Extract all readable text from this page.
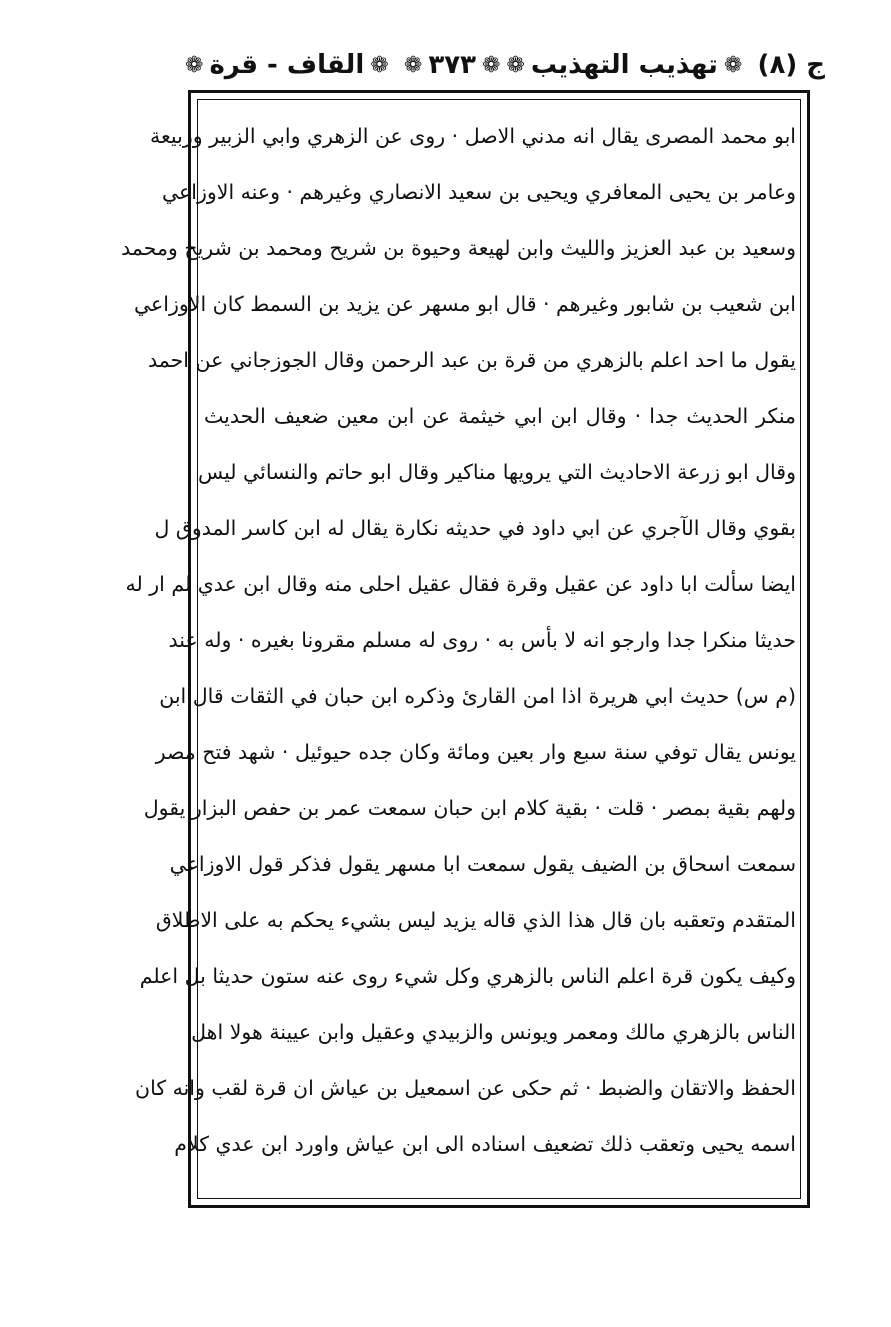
ج (٨)
❁
تهذيب التهذيب
❁
❁
٣٧٣
❁
❁
القاف - قرة
❁
ابو محمد المصرى يقال انه مدني الاصل · روى عن الزهري وابي الزبير وربيعة
وعامر بن يحيى المعافري ويحيى بن سعيد الانصاري وغيرهم · وعنه الاوزاعي
وسعيد بن عبد العزيز والليث وابن لهيعة وحيوة بن شريح ومحمد بن شريح ومحمد
ابن شعيب بن شابور وغيرهم · قال ابو مسهر عن يزيد بن السمط كان الاوزاعي
يقول ما احد اعلم بالزهري من قرة بن عبد الرحمن وقال الجوزجاني عن احمد
منكر الحديث جدا · وقال ابن ابي خيثمة عن ابن معين ضعيف الحديث
وقال ابو زرعة الاحاديث التي يرويها مناكير وقال ابو حاتم والنسائي ليس
بقوي وقال الآجري عن ابي داود في حديثه نكارة يقال له ابن كاسر المدوق ل
ايضا سألت ابا داود عن عقيل وقرة فقال عقيل احلى منه وقال ابن عدي لم ار له
حديثا منكرا جدا وارجو انه لا بأس به · روى له مسلم مقرونا بغيره · وله عند
(م س) حديث ابي هريرة اذا امن القارئ وذكره ابن حبان في الثقات قال ابن
يونس يقال توفي سنة سبع وار بعين ومائة وكان جده حيوئيل · شهد فتح مصر
ولهم بقية بمصر · قلت · بقية كلام ابن حبان سمعت عمر بن حفص البزار يقول
سمعت اسحاق بن الضيف يقول سمعت ابا مسهر يقول فذكر قول الاوزاعي
المتقدم وتعقبه بان قال هذا الذي قاله يزيد ليس بشيء يحكم به على الاطلاق
وكيف يكون قرة اعلم الناس بالزهري وكل شيء روى عنه ستون حديثا بل اعلم
الناس بالزهري مالك ومعمر ويونس والزبيدي وعقيل وابن عيينة هولا اهل
الحفظ والاتقان والضبط · ثم حكى عن اسمعيل بن عياش ان قرة لقب وانه كان
اسمه يحيى وتعقب ذلك تضعيف اسناده الى ابن عياش واورد ابن عدي كلام
